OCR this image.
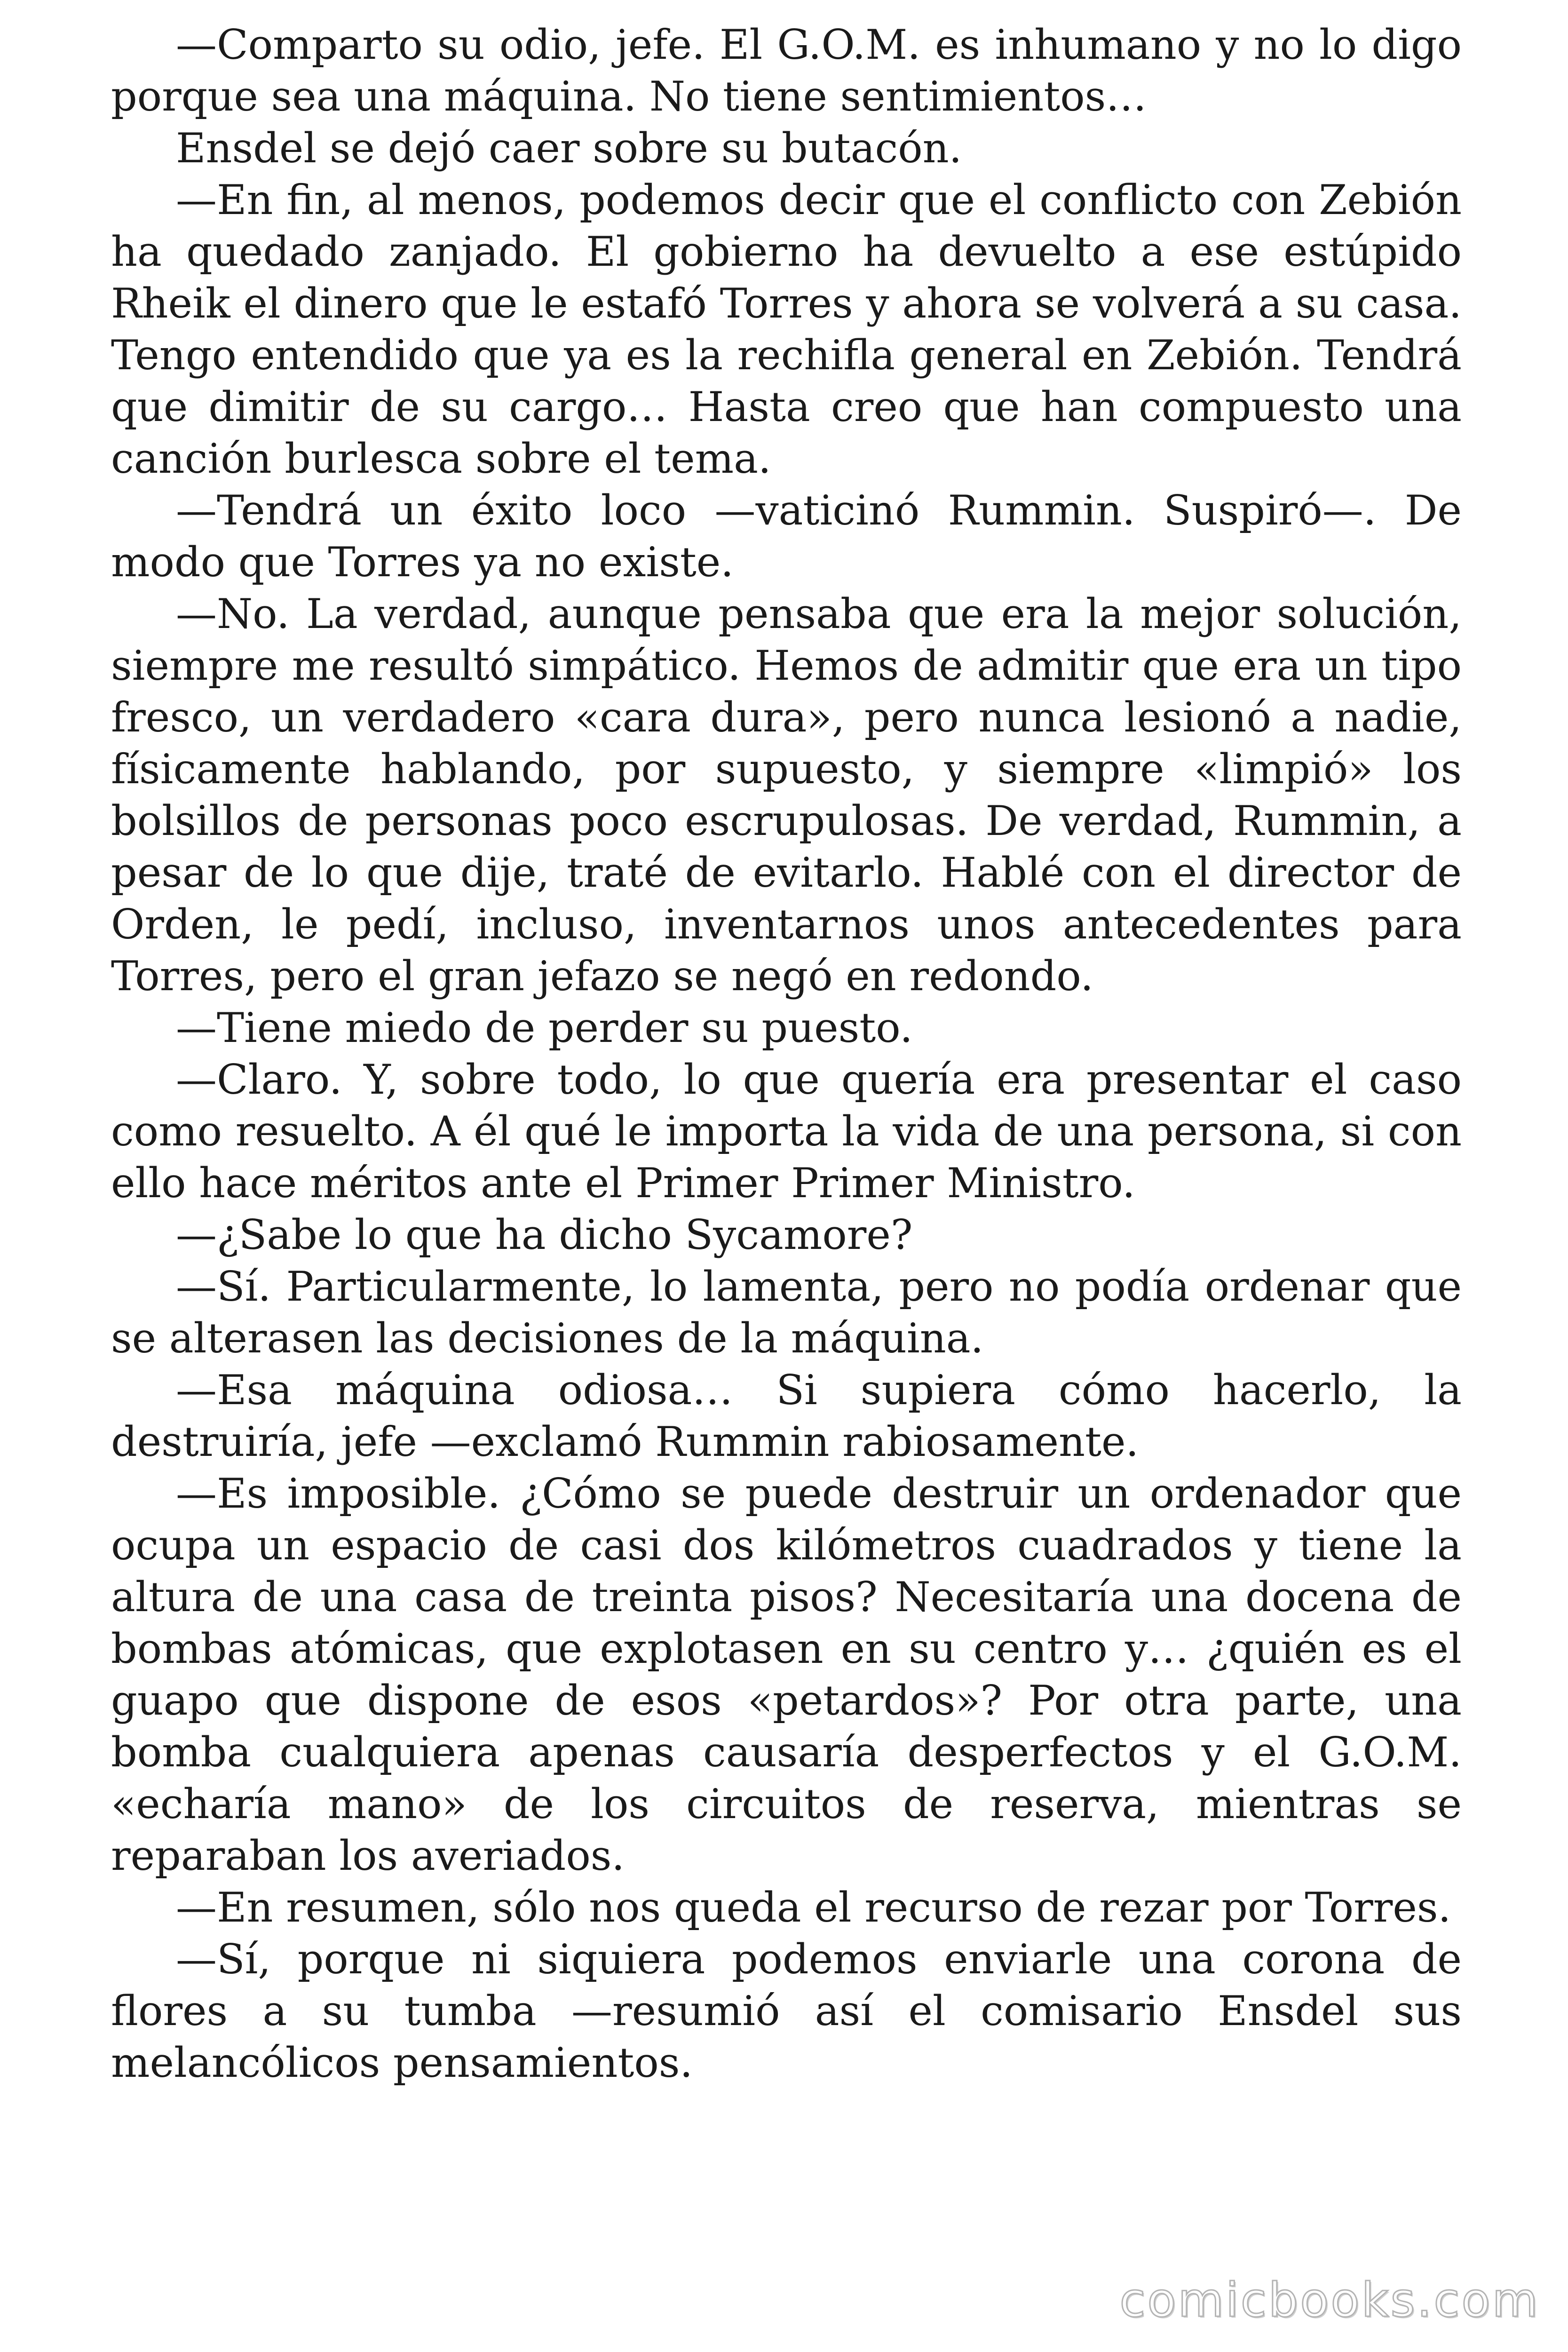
—Comparto su odio, jefe. El G.O.M. es inhumano y no lo digo porque sea una máquina. No tiene sentimientos…

Ensdel se dejó caer sobre su butacón.

—En fin, al menos, podemos decir que el conflicto con Zebión ha quedado zanjado. El gobierno ha devuelto a ese estúpido Rheik el dinero que le estafó Torres y ahora se volverá a su casa. Tengo entendido que ya es la rechifla general en Zebión. Tendrá que dimitir de su cargo… Hasta creo que han compuesto una canción burlesca sobre el tema.

—Tendrá un éxito loco —vaticinó Rummin. Suspiró—. De modo que Torres ya no existe.

—No. La verdad, aunque pensaba que era la mejor solución, siempre me resultó simpático. Hemos de admitir que era un tipo fresco, un verdadero «cara dura», pero nunca lesionó a nadie, físicamente hablando, por supuesto, y siempre «limpió» los bolsillos de personas poco escrupulosas. De verdad, Rummin, a pesar de lo que dije, traté de evitarlo. Hablé con el director de Orden, le pedí, incluso, inventarnos unos antecedentes para Torres, pero el gran jefazo se negó en redondo.

—Tiene miedo de perder su puesto.

—Claro. Y, sobre todo, lo que quería era presentar el caso como resuelto. A él qué le importa la vida de una persona, si con ello hace méritos ante el Primer Primer Ministro.

—¿Sabe lo que ha dicho Sycamore?

—Sí. Particularmente, lo lamenta, pero no podía ordenar que se alterasen las decisiones de la máquina.

—Esa máquina odiosa… Si supiera cómo hacerlo, la destruiría, jefe —exclamó Rummin rabiosamente.

—Es imposible. ¿Cómo se puede destruir un ordenador que ocupa un espacio de casi dos kilómetros cuadrados y tiene la altura de una casa de treinta pisos? Necesitaría una docena de bombas atómicas, que explotasen en su centro y… ¿quién es el guapo que dispone de esos «petardos»? Por otra parte, una bomba cualquiera apenas causaría desperfectos y el G.O.M. «echaría mano» de los circuitos de reserva, mientras se reparaban los averiados.

—En resumen, sólo nos queda el recurso de rezar por Torres.

—Sí, porque ni siquiera podemos enviarle una corona de flores a su tumba —resumió así el comisario Ensdel sus melancólicos pensamientos.

comicbooks.com
